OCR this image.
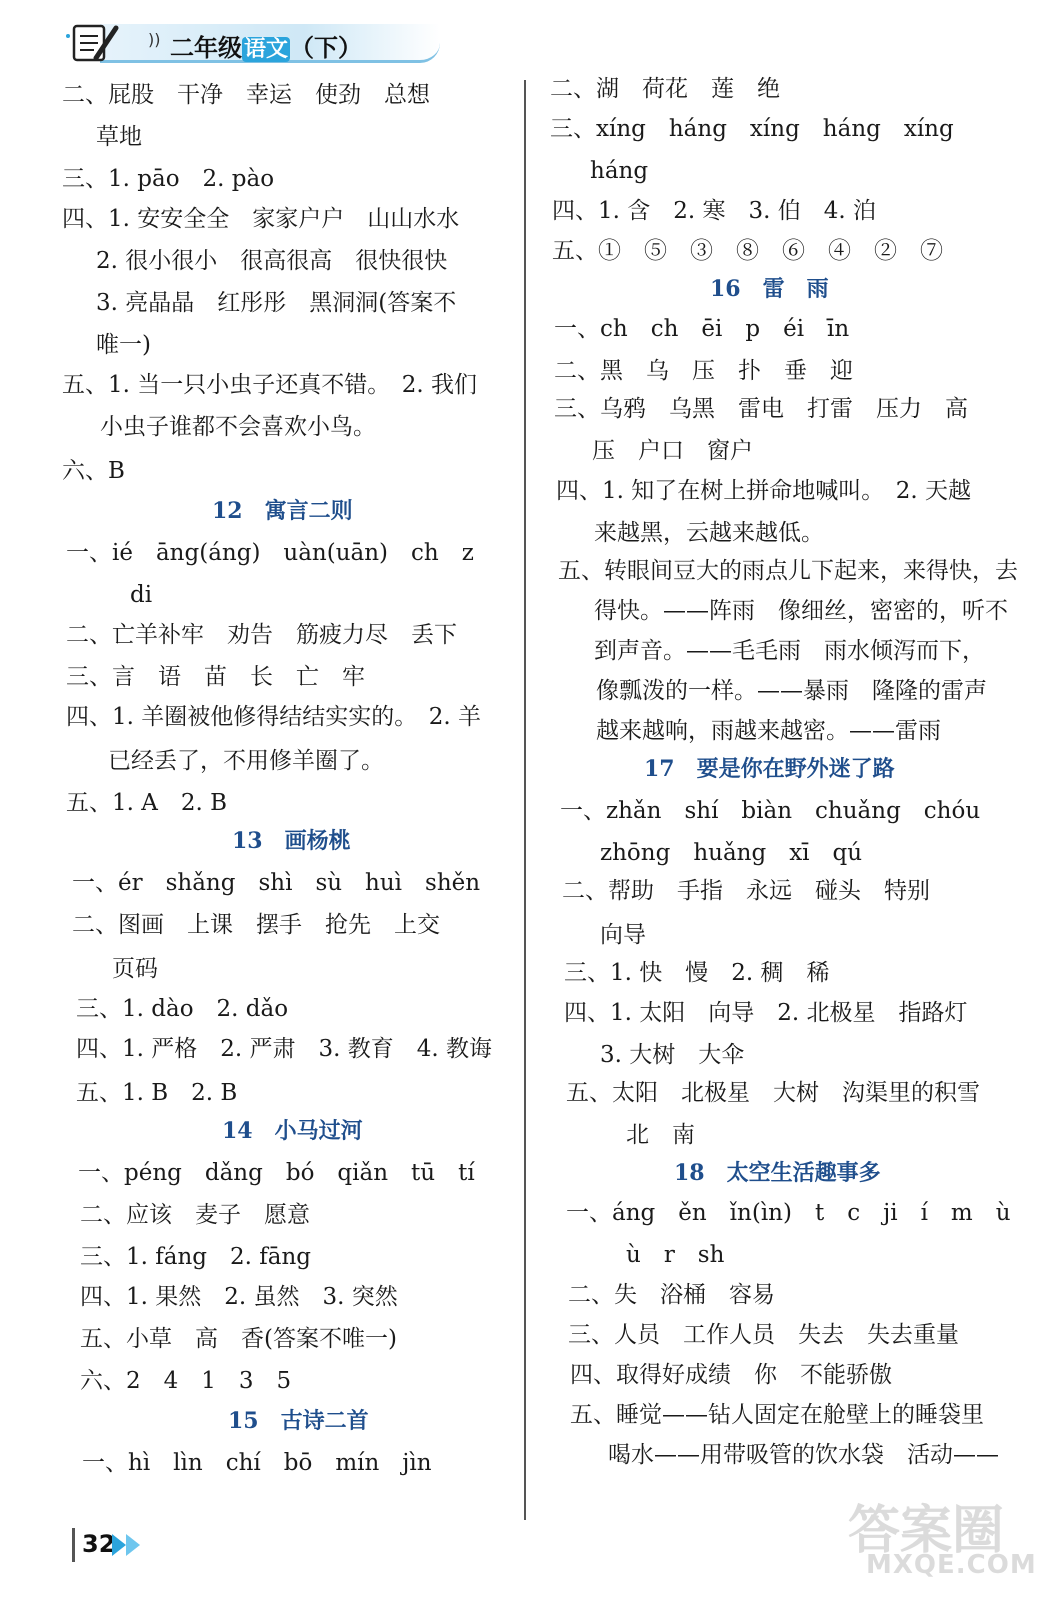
)) 二年级语文（下）
二、屁股　干净　幸运　使劲　总想
草地
三、1. pāo　2. pào
四、1. 安安全全　家家户户　山山水水
2. 很小很小　很高很高　很快很快
3. 亮晶晶　红彤彤　黑洞洞(答案不
唯一)
五、1. 当一只小虫子还真不错。　2. 我们
小虫子谁都不会喜欢小鸟。
六、B
12　寓言二则
一、ié　āng(áng)　uàn(uān)　ch　z
di
二、亡羊补牢　劝告　筋疲力尽　丢下
三、言　语　苗　长　亡　牢
四、1. 羊圈被他修得结结实实的。　2. 羊
已经丢了，不用修羊圈了。
五、1. A　2. B
13　画杨桃
一、ér　shǎng　shì　sù　huì　shěn
二、图画　上课　摆手　抢先　上交
页码
三、1. dào　2. dǎo
四、1. 严格　2. 严肃　3. 教育　4. 教诲
五、1. B　2. B
14　小马过河
一、péng　dǎng　bó　qiǎn　tū　tí
二、应该　麦子　愿意
三、1. fáng　2. fāng
四、1. 果然　2. 虽然　3. 突然
五、小草　高　香(答案不唯一)
六、2　4　1　3　5
15　古诗二首
一、hì　lìn　chí　bō　mín　jìn
二、湖　荷花　莲　绝
三、xíng　háng　xíng　háng　xíng
háng
四、1. 含　2. 寒　3. 伯　4. 泊
五、①　⑤　③　⑧　⑥　④　②　⑦
16　雷　雨
一、ch　ch　ēi　p　éi　īn
二、黑　乌　压　扑　垂　迎
三、乌鸦　乌黑　雷电　打雷　压力　高
压　户口　窗户
四、1. 知了在树上拼命地喊叫。　2. 天越
来越黑，云越来越低。
五、转眼间豆大的雨点儿下起来，来得快，去
得快。——阵雨　像细丝，密密的，听不
到声音。——毛毛雨　雨水倾泻而下，
像瓢泼的一样。——暴雨　隆隆的雷声
越来越响，雨越来越密。——雷雨
17　要是你在野外迷了路
一、zhǎn　shí　biàn　chuǎng　chóu
zhōng　huǎng　xī　qú
二、帮助　手指　永远　碰头　特别
向导
三、1. 快　慢　2. 稠　稀
四、1. 太阳　向导　2. 北极星　指路灯
3. 大树　大伞
五、太阳　北极星　大树　沟渠里的积雪
北　南
18　太空生活趣事多
一、áng　ěn　ǐn(ìn)　t　c　ji　í　m　ù
ù　r　sh
二、失　浴桶　容易
三、人员　工作人员　失去　失去重量
四、取得好成绩　你　不能骄傲
五、睡觉——钻人固定在舱壁上的睡袋里
喝水——用带吸管的饮水袋　活动——
32	答案圈
MXQE.COM
